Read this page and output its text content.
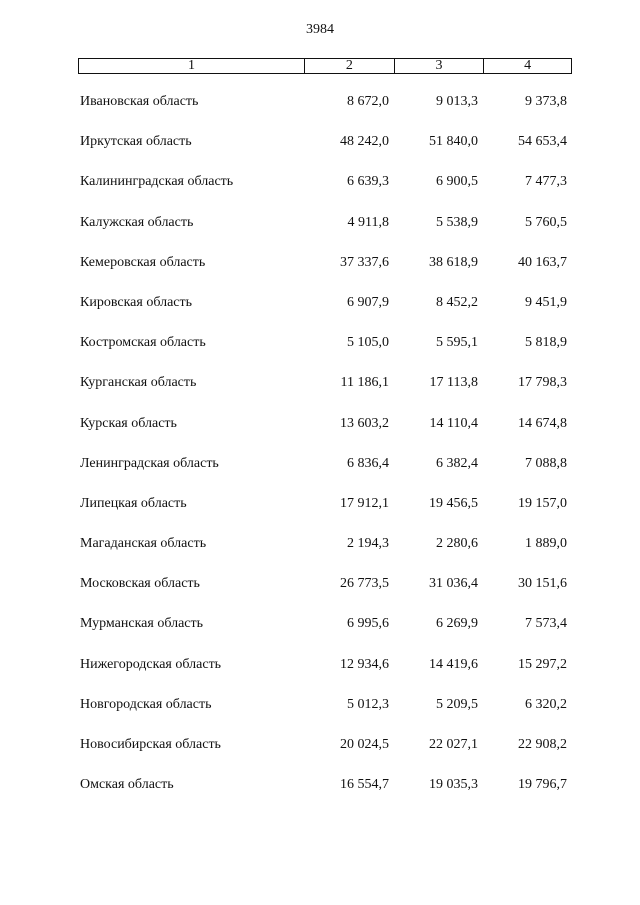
3984
1	2	3	4
Ивановская область	8 672,0	9 013,3	9 373,8
Иркутская область	48 242,0	51 840,0	54 653,4
Калининградская область	6 639,3	6 900,5	7 477,3
Калужская область	4 911,8	5 538,9	5 760,5
Кемеровская область	37 337,6	38 618,9	40 163,7
Кировская область	6 907,9	8 452,2	9 451,9
Костромская область	5 105,0	5 595,1	5 818,9
Курганская область	11 186,1	17 113,8	17 798,3
Курская область	13 603,2	14 110,4	14 674,8
Ленинградская область	6 836,4	6 382,4	7 088,8
Липецкая область	17 912,1	19 456,5	19 157,0
Магаданская область	2 194,3	2 280,6	1 889,0
Московская область	26 773,5	31 036,4	30 151,6
Мурманская область	6 995,6	6 269,9	7 573,4
Нижегородская область	12 934,6	14 419,6	15 297,2
Новгородская область	5 012,3	5 209,5	6 320,2
Новосибирская область	20 024,5	22 027,1	22 908,2
Омская область	16 554,7	19 035,3	19 796,7
